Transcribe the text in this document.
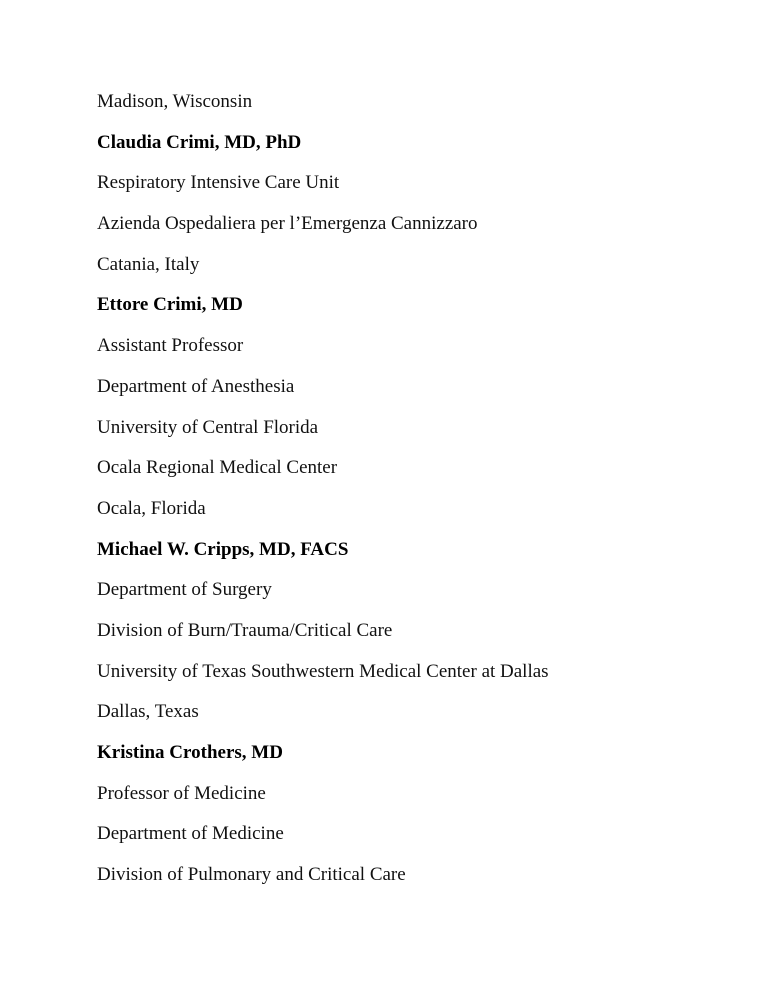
Madison, Wisconsin
Claudia Crimi, MD, PhD
Respiratory Intensive Care Unit
Azienda Ospedaliera per l’Emergenza Cannizzaro
Catania, Italy
Ettore Crimi, MD
Assistant Professor
Department of Anesthesia
University of Central Florida
Ocala Regional Medical Center
Ocala, Florida
Michael W. Cripps, MD, FACS
Department of Surgery
Division of Burn/Trauma/Critical Care
University of Texas Southwestern Medical Center at Dallas
Dallas, Texas
Kristina Crothers, MD
Professor of Medicine
Department of Medicine
Division of Pulmonary and Critical Care
